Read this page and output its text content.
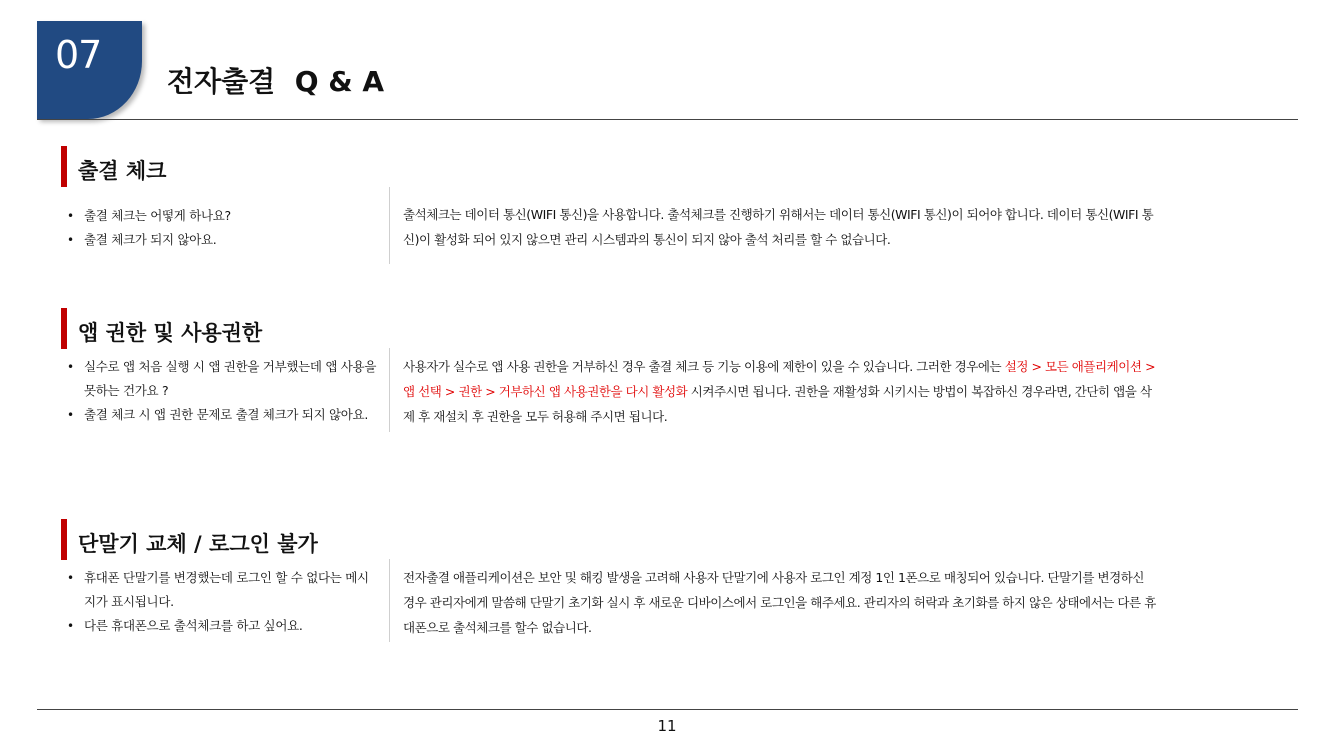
07
전자출결  Q & A
출결 체크
• 출결 체크는 어떻게 하나요?
• 출결 체크가 되지 않아요.

출석체크는 데이터 통신(WIFI 통신)을 사용합니다. 출석체크를 진행하기 위해서는 데이터 통신(WIFI 통신)이 되어야 합니다. 데이터 통신(WIFI 통신)이 활성화 되어 있지 않으면 관리 시스템과의 통신이 되지 않아 출석 처리를 할 수 없습니다.

앱 권한 및 사용권한
• 실수로 앱 처음 실행 시 앱 권한을 거부했는데 앱 사용을 못하는 건가요 ?
• 출결 체크 시 앱 권한 문제로 출결 체크가 되지 않아요.

사용자가 실수로 앱 사용 권한을 거부하신 경우 출결 체크 등 기능 이용에 제한이 있을 수 있습니다. 그러한 경우에는 설정 > 모든 애플리케이션 > 앱 선택 > 권한 > 거부하신 앱 사용권한을 다시 활성화 시켜주시면 됩니다. 권한을 재활성화 시키시는 방법이 복잡하신 경우라면, 간단히 앱을 삭제 후 재설치 후 권한을 모두 허용해 주시면 됩니다.

단말기 교체 / 로그인 불가
• 휴대폰 단말기를 변경했는데 로그인 할 수 없다는 메시지가 표시됩니다.
• 다른 휴대폰으로 출석체크를 하고 싶어요.

전자출결 애플리케이션은 보안 및 해킹 발생을 고려해 사용자 단말기에 사용자 로그인 계정 1인 1폰으로 매칭되어 있습니다. 단말기를 변경하신 경우 관리자에게 말씀해 단말기 초기화 실시 후 새로운 디바이스에서 로그인을 해주세요. 관리자의 허락과 초기화를 하지 않은 상태에서는 다른 휴대폰으로 출석체크를 할수 없습니다.

11
